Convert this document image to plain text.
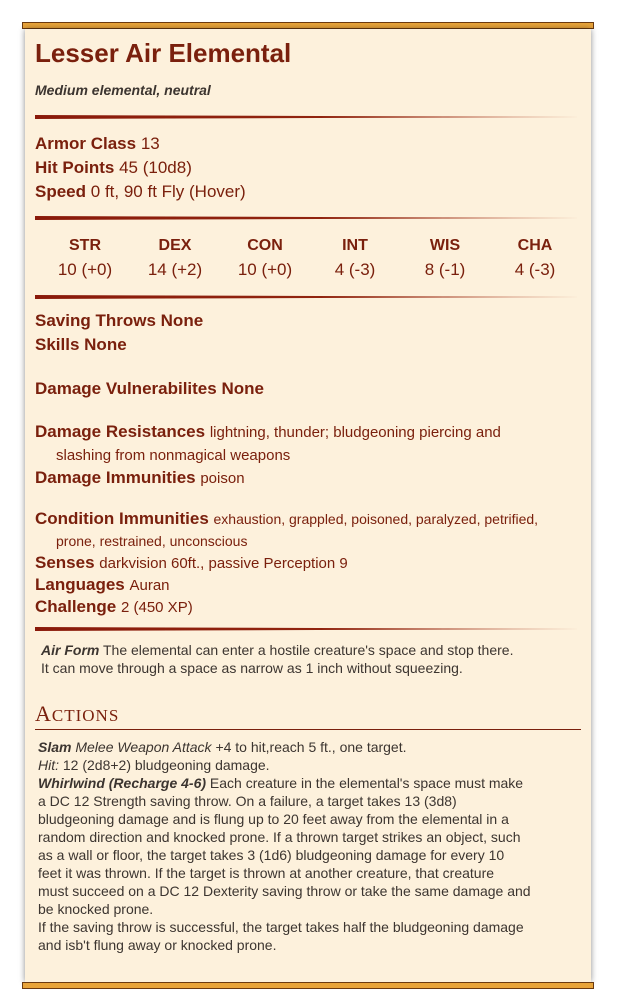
Lesser Air Elemental
Medium elemental, neutral
Armor Class 13
Hit Points 45 (10d8)
Speed 0 ft, 90 ft Fly (Hover)
STR
10 (+0)
DEX
14 (+2)
CON
10 (+0)
INT
4 (-3)
WIS
8 (-1)
CHA
4 (-3)
Saving Throws None
Skills None
Damage Vulnerabilites None
Damage Resistances lightning, thunder; bludgeoning piercing and
slashing from nonmagical weapons
Damage Immunities poison
Condition Immunities exhaustion, grappled, poisoned, paralyzed, petrified,
prone, restrained, unconscious
Senses darkvision 60ft., passive Perception 9
Languages Auran
Challenge 2 (450 XP)
Air Form The elemental can enter a hostile creature's space and stop there.
It can move through a space as narrow as 1 inch without squeezing.
ACTIONS
Slam Melee Weapon Attack +4 to hit,reach 5 ft., one target.
Hit: 12 (2d8+2) bludgeoning damage.
Whirlwind (Recharge 4-6) Each creature in the elemental's space must make
a DC 12 Strength saving throw. On a failure, a target takes 13 (3d8)
bludgeoning damage and is flung up to 20 feet away from the elemental in a
random direction and knocked prone. If a thrown target strikes an object, such
as a wall or floor, the target takes 3 (1d6) bludgeoning damage for every 10
feet it was thrown. If the target is thrown at another creature, that creature
must succeed on a DC 12 Dexterity saving throw or take the same damage and
be knocked prone.
If the saving throw is successful, the target takes half the bludgeoning damage
and isb't flung away or knocked prone.
